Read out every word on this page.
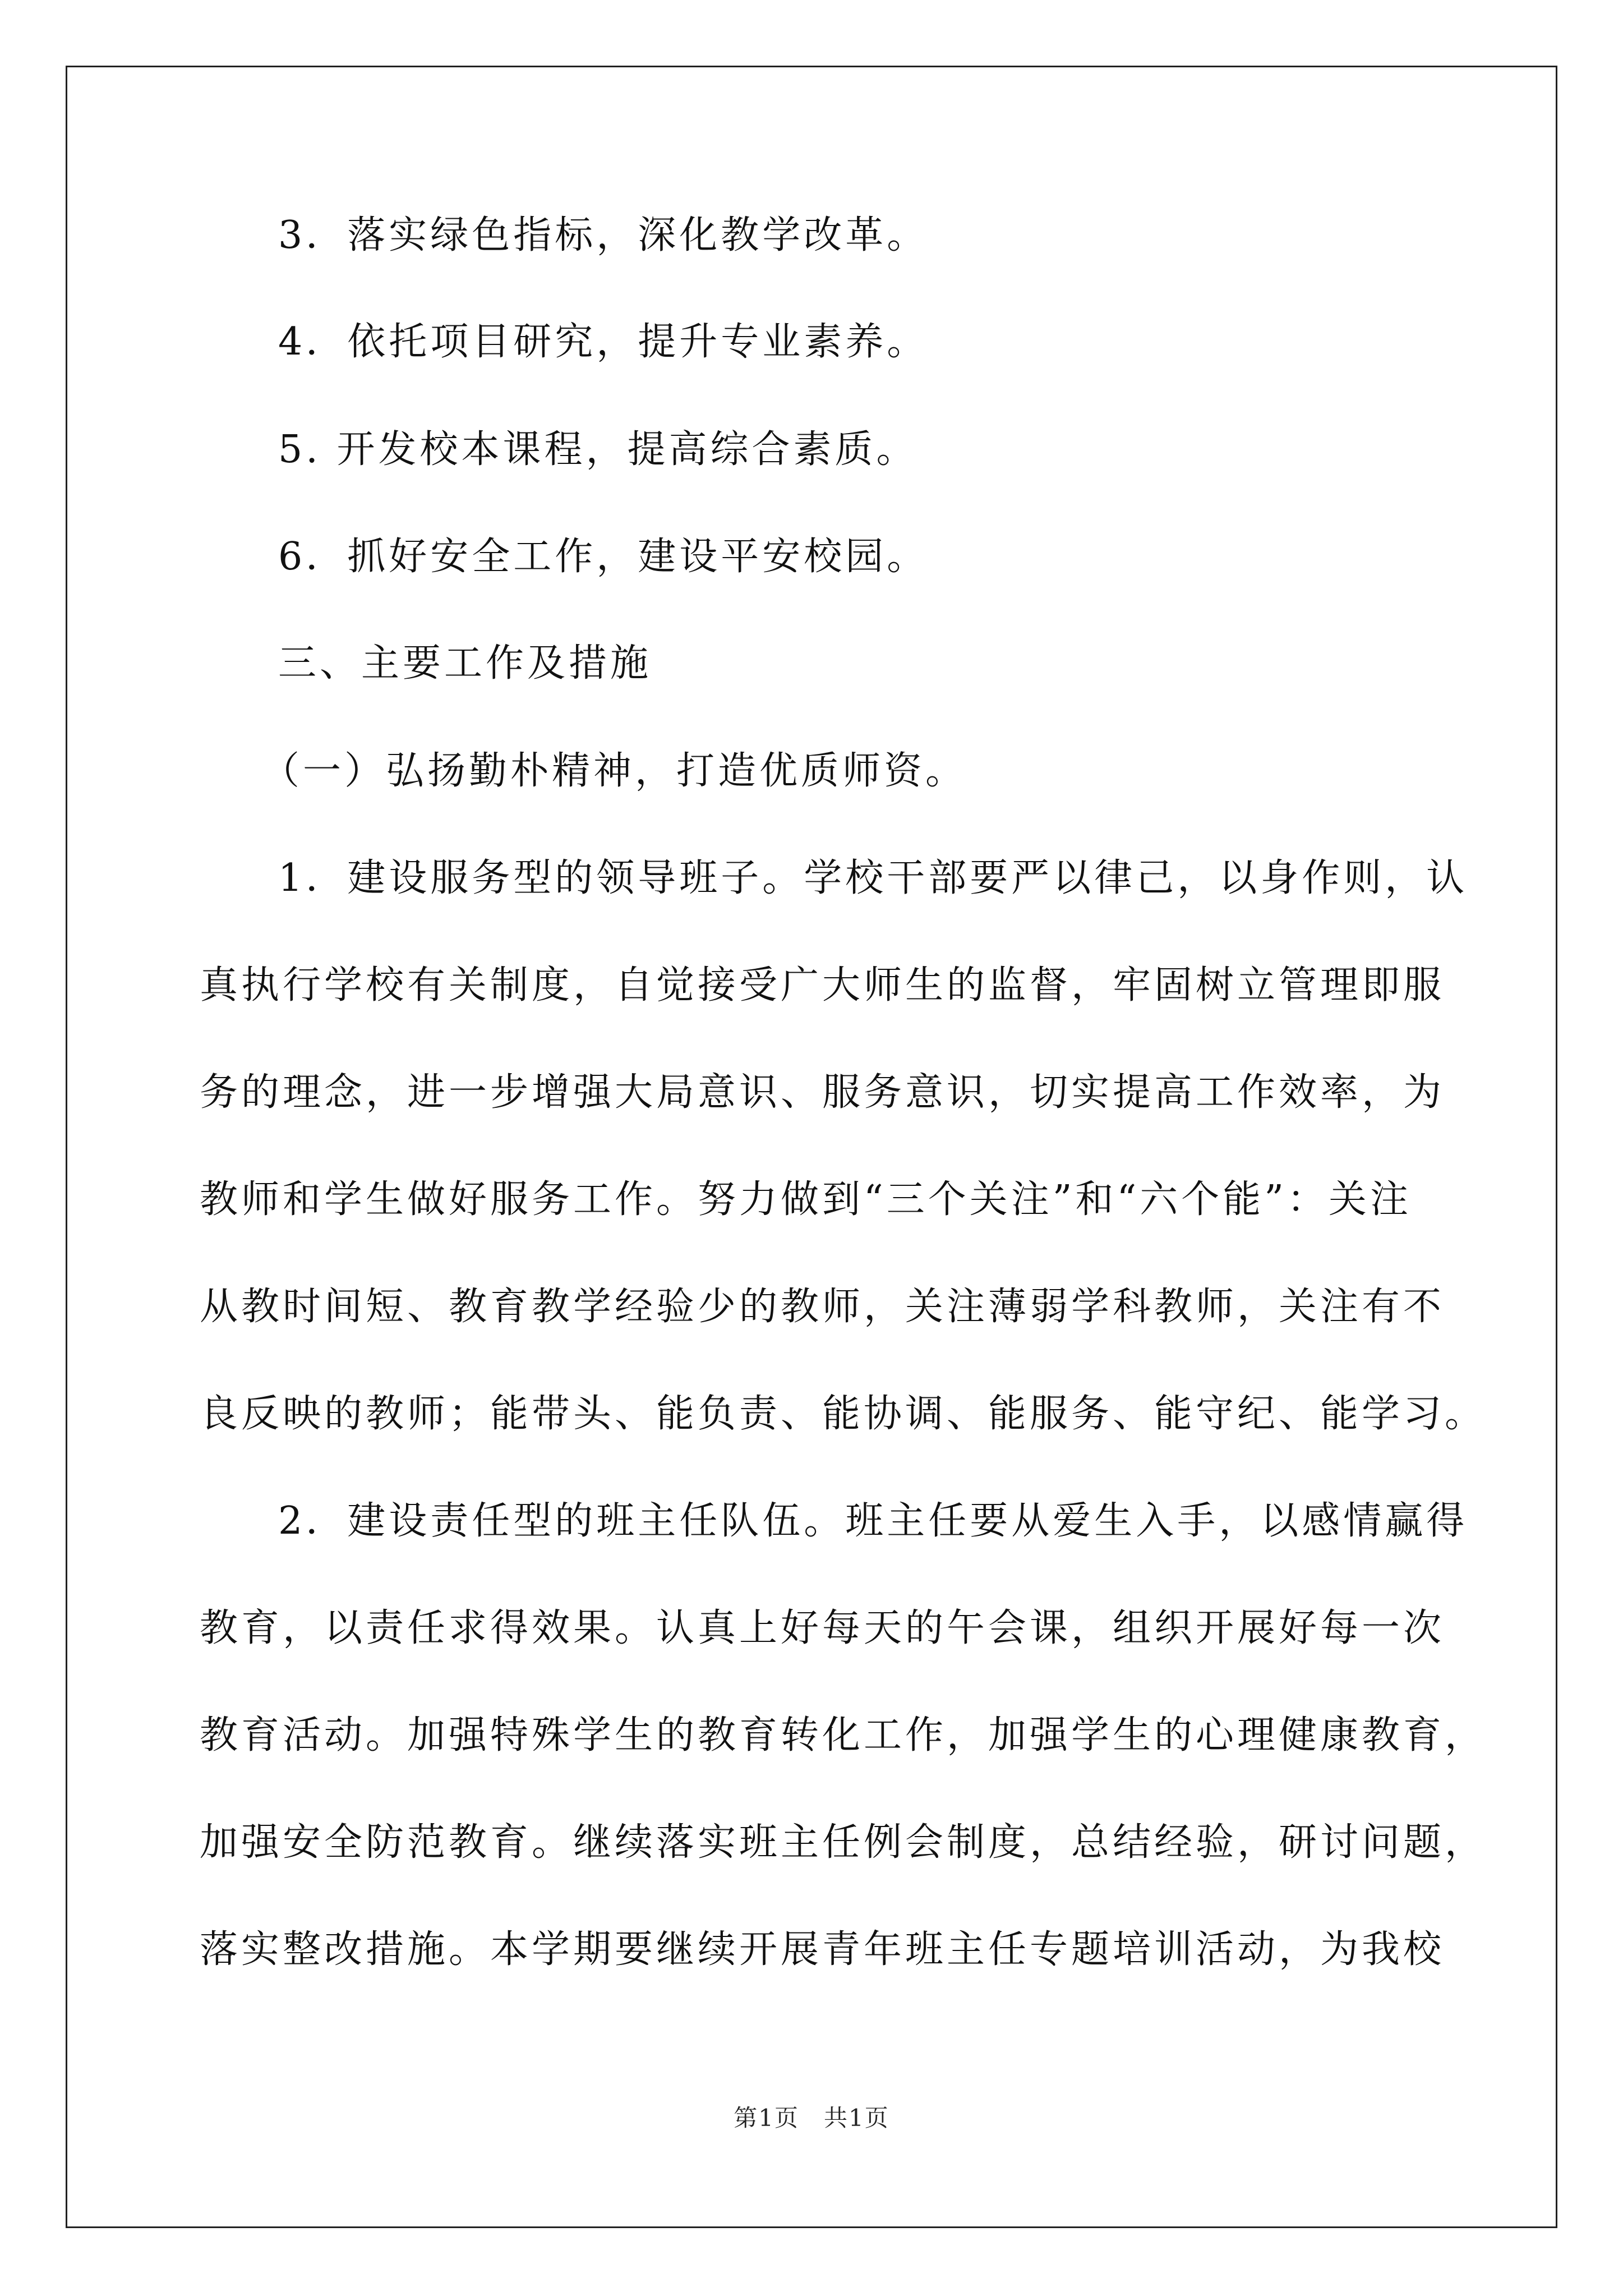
3．落实绿色指标，深化教学改革。
4．依托项目研究，提升专业素养。
5. 开发校本课程，提高综合素质。
6．抓好安全工作，建设平安校园。
三、主要工作及措施
（一）弘扬勤朴精神，打造优质师资。
1．建设服务型的领导班子。学校干部要严以律己，以身作则，认
真执行学校有关制度，自觉接受广大师生的监督，牢固树立管理即服
务的理念，进一步增强大局意识、服务意识，切实提高工作效率，为
教师和学生做好服务工作。努力做到“三个关注”和“六个能”：关注
从教时间短、教育教学经验少的教师，关注薄弱学科教师，关注有不
良反映的教师；能带头、能负责、能协调、能服务、能守纪、能学习。
2．建设责任型的班主任队伍。班主任要从爱生入手，以感情赢得
教育，以责任求得效果。认真上好每天的午会课，组织开展好每一次
教育活动。加强特殊学生的教育转化工作，加强学生的心理健康教育，
加强安全防范教育。继续落实班主任例会制度，总结经验，研讨问题，
落实整改措施。本学期要继续开展青年班主任专题培训活动，为我校
第1页　共1页
